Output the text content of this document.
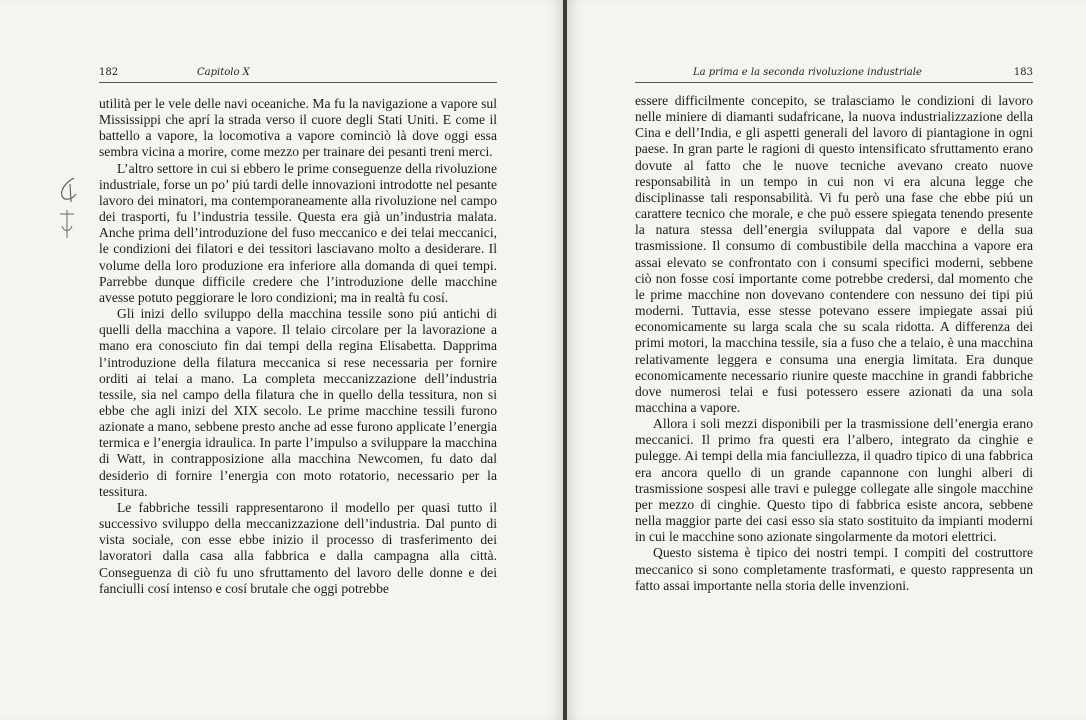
182	Capitolo X

utilità per le vele delle navi oceaniche. Ma fu la navigazione a vapore sul Mississippi che aprí la strada verso il cuore degli Stati Uniti. E come il battello a vapore, la locomotiva a vapore cominciò là dove oggi essa sembra vicina a morire, come mezzo per trainare dei pesanti treni merci.

L’altro settore in cui si ebbero le prime conseguenze della rivoluzione industriale, forse un po’ piú tardi delle innovazioni introdotte nel pesante lavoro dei minatori, ma contemporaneamente alla rivoluzione nel campo dei trasporti, fu l’industria tessile. Questa era già un’industria malata. Anche prima dell’introduzione del fuso meccanico e dei telai meccanici, le condizioni dei filatori e dei tessitori lasciavano molto a desiderare. Il volume della loro produzione era inferiore alla domanda di quei tempi. Parrebbe dunque difficile credere che l’introduzione delle macchine avesse potuto peggiorare le loro condizioni; ma in realtà fu cosí.

Gli inizi dello sviluppo della macchina tessile sono piú antichi di quelli della macchina a vapore. Il telaio circolare per la lavorazione a mano era conosciuto fin dai tempi della regina Elisabetta. Dapprima l’introduzione della filatura meccanica si rese necessaria per fornire orditi ai telai a mano. La completa meccanizzazione dell’industria tessile, sia nel campo della filatura che in quello della tessitura, non si ebbe che agli inizi del XIX secolo. Le prime macchine tessili furono azionate a mano, sebbene presto anche ad esse furono applicate l’energia termica e l’energia idraulica. In parte l’impulso a sviluppare la macchina di Watt, in contrapposizione alla macchina Newcomen, fu dato dal desiderio di fornire l’energia con moto rotatorio, necessario per la tessitura.

Le fabbriche tessili rappresentarono il modello per quasi tutto il successivo sviluppo della meccanizzazione dell’industria. Dal punto di vista sociale, con esse ebbe inizio il processo di trasferimento dei lavoratori dalla casa alla fabbrica e dalla campagna alla città. Conseguenza di ciò fu uno sfruttamento del lavoro delle donne e dei fanciulli cosí intenso e cosí brutale che oggi potrebbe

La prima e la seconda rivoluzione industriale	183

essere difficilmente concepito, se tralasciamo le condizioni di lavoro nelle miniere di diamanti sudafricane, la nuova industrializzazione della Cina e dell’India, e gli aspetti generali del lavoro di piantagione in ogni paese. In gran parte le ragioni di questo intensificato sfruttamento erano dovute al fatto che le nuove tecniche avevano creato nuove responsabilità in un tempo in cui non vi era alcuna legge che disciplinasse tali responsabilità. Vi fu però una fase che ebbe piú un carattere tecnico che morale, e che può essere spiegata tenendo presente la natura stessa dell’energia sviluppata dal vapore e della sua trasmissione. Il consumo di combustibile della macchina a vapore era assai elevato se confrontato con i consumi specifici moderni, sebbene ciò non fosse cosí importante come potrebbe credersi, dal momento che le prime macchine non dovevano contendere con nessuno dei tipi piú moderni. Tuttavia, esse stesse potevano essere impiegate assai piú economicamente su larga scala che su scala ridotta. A differenza dei primi motori, la macchina tessile, sia a fuso che a telaio, è una macchina relativamente leggera e consuma una energia limitata. Era dunque economicamente necessario riunire queste macchine in grandi fabbriche dove numerosi telai e fusi potessero essere azionati da una sola macchina a vapore.

Allora i soli mezzi disponibili per la trasmissione dell’energia erano meccanici. Il primo fra questi era l’albero, integrato da cinghie e pulegge. Ai tempi della mia fanciullezza, il quadro tipico di una fabbrica era ancora quello di un grande capannone con lunghi alberi di trasmissione sospesi alle travi e pulegge collegate alle singole macchine per mezzo di cinghie. Questo tipo di fabbrica esiste ancora, sebbene nella maggior parte dei casi esso sia stato sostituito da impianti moderni in cui le macchine sono azionate singolarmente da motori elettrici.

Questo sistema è tipico dei nostri tempi. I compiti del costruttore meccanico si sono completamente trasformati, e questo rappresenta un fatto assai importante nella storia delle invenzioni.
